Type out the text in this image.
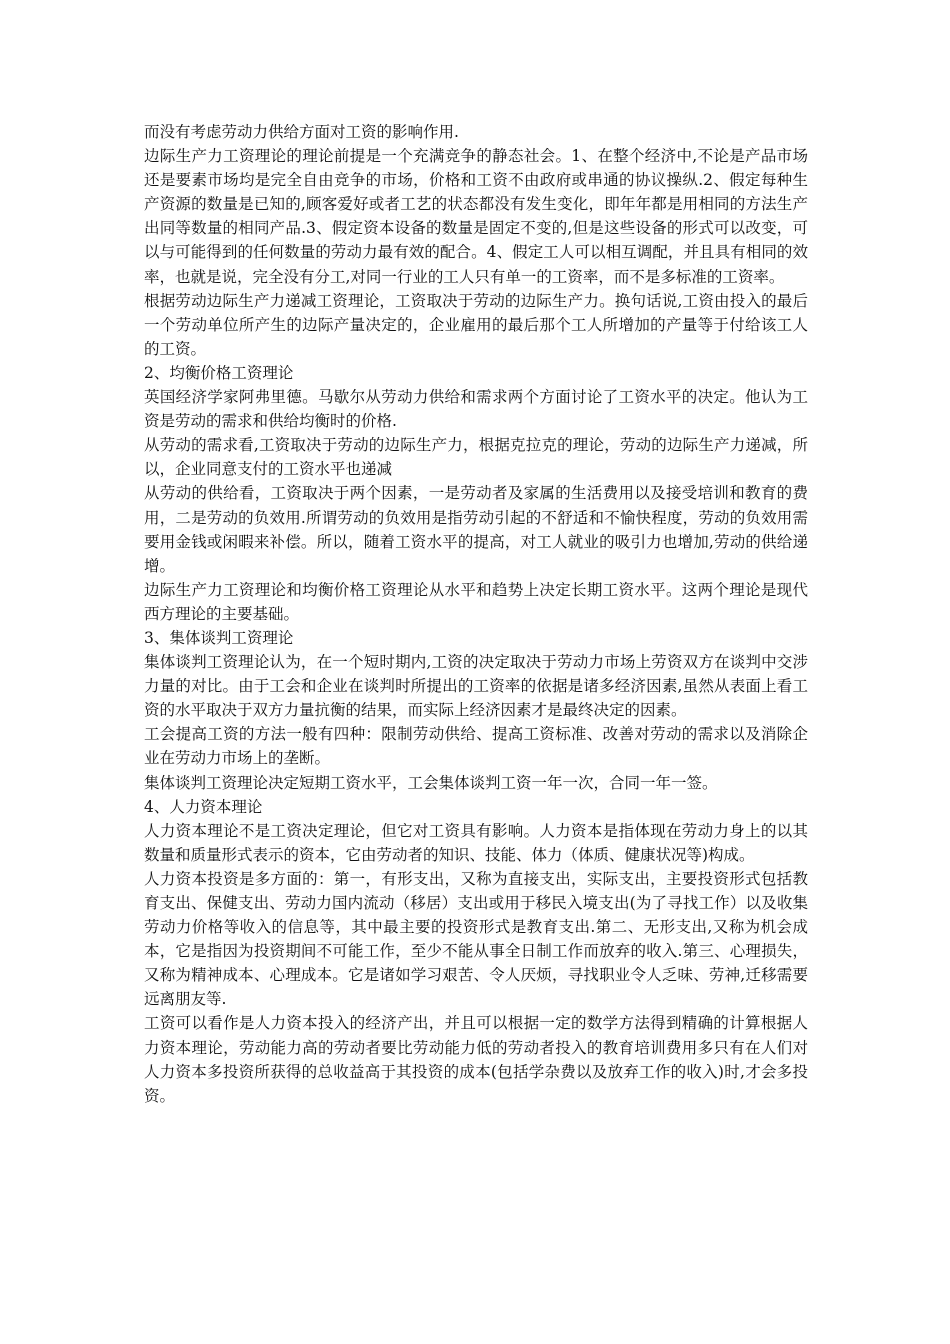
而没有考虑劳动力供给方面对工资的影响作用.

边际生产力工资理论的理论前提是一个充满竞争的静态社会。1、在整个经济中,不论是产品市场还是要素市场均是完全自由竞争的市场，价格和工资不由政府或串通的协议操纵.2、假定每种生产资源的数量是已知的,顾客爱好或者工艺的状态都没有发生变化，即年年都是用相同的方法生产出同等数量的相同产品.3、假定资本设备的数量是固定不变的,但是这些设备的形式可以改变，可以与可能得到的任何数量的劳动力最有效的配合。4、假定工人可以相互调配，并且具有相同的效率，也就是说，完全没有分工,对同一行业的工人只有单一的工资率，而不是多标准的工资率。

根据劳动边际生产力递减工资理论，工资取决于劳动的边际生产力。换句话说,工资由投入的最后一个劳动单位所产生的边际产量决定的，企业雇用的最后那个工人所增加的产量等于付给该工人的工资。

2、均衡价格工资理论

英国经济学家阿弗里德。马歇尔从劳动力供给和需求两个方面讨论了工资水平的决定。他认为工资是劳动的需求和供给均衡时的价格.

从劳动的需求看,工资取决于劳动的边际生产力，根据克拉克的理论，劳动的边际生产力递减，所以，企业同意支付的工资水平也递减

从劳动的供给看，工资取决于两个因素，一是劳动者及家属的生活费用以及接受培训和教育的费用，二是劳动的负效用.所谓劳动的负效用是指劳动引起的不舒适和不愉快程度，劳动的负效用需要用金钱或闲暇来补偿。所以，随着工资水平的提高，对工人就业的吸引力也增加,劳动的供给递增。

边际生产力工资理论和均衡价格工资理论从水平和趋势上决定长期工资水平。这两个理论是现代西方理论的主要基础。

3、集体谈判工资理论

集体谈判工资理论认为，在一个短时期内,工资的决定取决于劳动力市场上劳资双方在谈判中交涉力量的对比。由于工会和企业在谈判时所提出的工资率的依据是诸多经济因素,虽然从表面上看工资的水平取决于双方力量抗衡的结果，而实际上经济因素才是最终决定的因素。

工会提高工资的方法一般有四种：限制劳动供给、提高工资标准、改善对劳动的需求以及消除企业在劳动力市场上的垄断。

集体谈判工资理论决定短期工资水平，工会集体谈判工资一年一次，合同一年一签。

4、人力资本理论

人力资本理论不是工资决定理论，但它对工资具有影响。人力资本是指体现在劳动力身上的以其数量和质量形式表示的资本，它由劳动者的知识、技能、体力（体质、健康状况等)构成。

人力资本投资是多方面的：第一，有形支出，又称为直接支出，实际支出，主要投资形式包括教育支出、保健支出、劳动力国内流动（移居）支出或用于移民入境支出(为了寻找工作）以及收集劳动力价格等收入的信息等，其中最主要的投资形式是教育支出.第二、无形支出,又称为机会成本，它是指因为投资期间不可能工作，至少不能从事全日制工作而放弃的收入.第三、心理损失，又称为精神成本、心理成本。它是诸如学习艰苦、令人厌烦，寻找职业令人乏味、劳神,迁移需要远离朋友等.

工资可以看作是人力资本投入的经济产出，并且可以根据一定的数学方法得到精确的计算根据人力资本理论，劳动能力高的劳动者要比劳动能力低的劳动者投入的教育培训费用多只有在人们对人力资本多投资所获得的总收益高于其投资的成本(包括学杂费以及放弃工作的收入)时,才会多投资。
